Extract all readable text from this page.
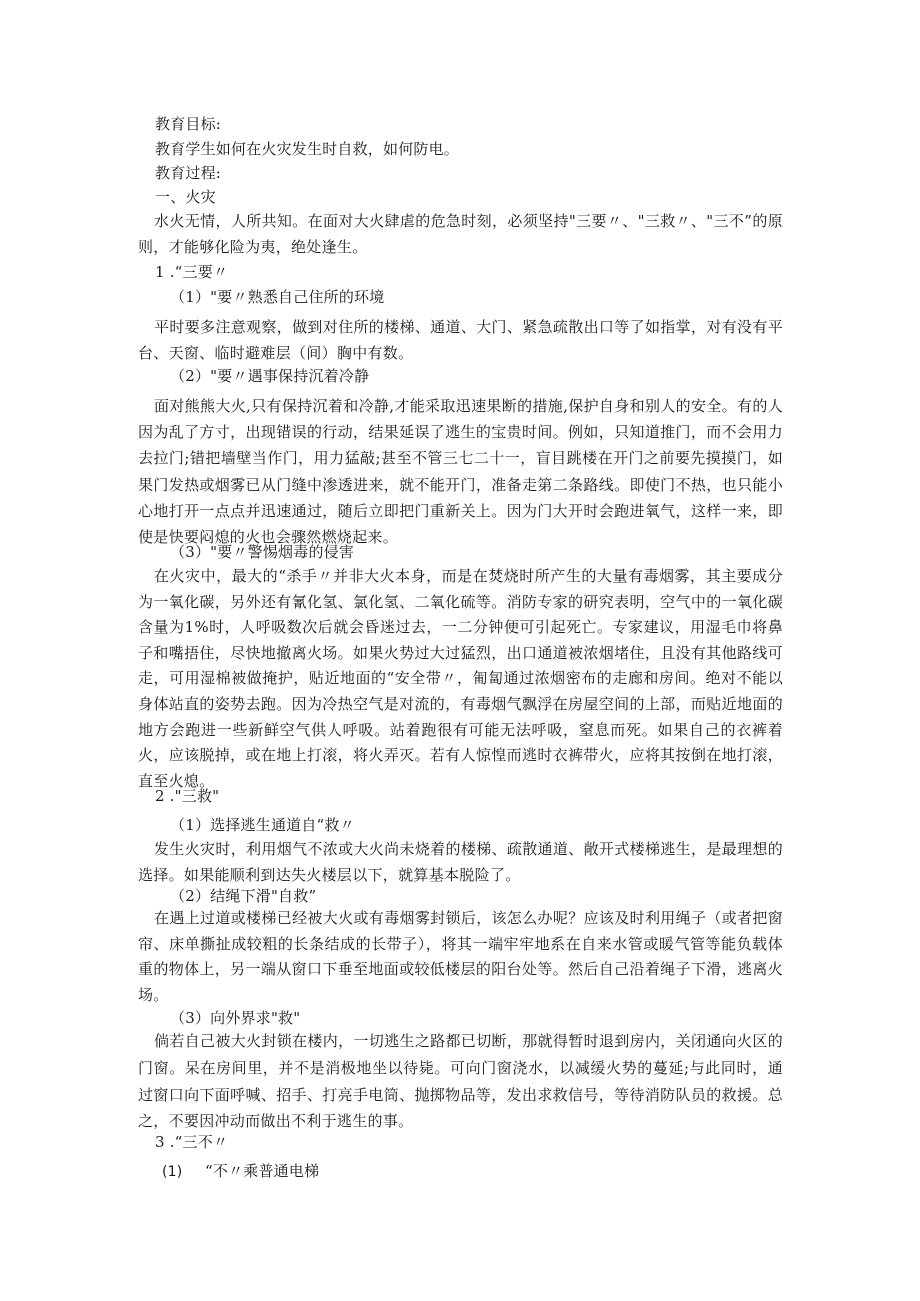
教育目标:
教育学生如何在火灾发生时自救，如何防电。
教育过程:
一、火灾
水火无情，人所共知。在面对大火肆虐的危急时刻，必须坚持"三要〃、"三救〃、"三不”的原则，才能够化险为夷，绝处逢生。
1 .“三要〃
（1）"要〃熟悉自己住所的环境
平时要多注意观察，做到对住所的楼梯、通道、大门、紧急疏散出口等了如指掌，对有没有平台、天窗、临时避难层（间）胸中有数。
（2）"要〃遇事保持沉着冷静
面对熊熊大火,只有保持沉着和冷静,才能采取迅速果断的措施,保护自身和别人的安全。有的人因为乱了方寸，出现错误的行动，结果延误了逃生的宝贵时间。例如，只知道推门，而不会用力去拉门;错把墙壁当作门，用力猛敲;甚至不管三七二十一，盲目跳楼在开门之前要先摸摸门，如果门发热或烟雾已从门缝中渗透进来，就不能开门，准备走第二条路线。即使门不热，也只能小心地打开一点点并迅速通过，随后立即把门重新关上。因为门大开时会跑进氧气，这样一来，即使是快要闷熄的火也会骤然燃烧起来。
（3）"要〃警惕烟毒的侵害
在火灾中，最大的“杀手〃并非大火本身，而是在焚烧时所产生的大量有毒烟雾，其主要成分为一氧化碳，另外还有氰化氢、氯化氢、二氧化硫等。消防专家的研究表明，空气中的一氧化碳含量为1%时，人呼吸数次后就会昏迷过去，一二分钟便可引起死亡。专家建议，用湿毛巾将鼻子和嘴捂住，尽快地撤离火场。如果火势过大过猛烈，出口通道被浓烟堵住，且没有其他路线可走，可用湿棉被做掩护，贴近地面的“安全带〃，匍匐通过浓烟密布的走廊和房间。绝对不能以身体站直的姿势去跑。因为冷热空气是对流的，有毒烟气飘浮在房屋空间的上部，而贴近地面的地方会跑进一些新鲜空气供人呼吸。站着跑很有可能无法呼吸，窒息而死。如果自己的衣裤着火，应该脱掉，或在地上打滚，将火弄灭。若有人惊惶而逃时衣裤带火，应将其按倒在地打滚，直至火熄。
2 ."三救"
（1）选择逃生通道自“救〃
发生火灾时，利用烟气不浓或大火尚未烧着的楼梯、疏散通道、敞开式楼梯逃生，是最理想的选择。如果能顺利到达失火楼层以下，就算基本脱险了。
（2）结绳下滑"自救”
在遇上过道或楼梯已经被大火或有毒烟雾封锁后，该怎么办呢？应该及时利用绳子（或者把窗帘、床单撕扯成较粗的长条结成的长带子），将其一端牢牢地系在自来水管或暖气管等能负载体重的物体上，另一端从窗口下垂至地面或较低楼层的阳台处等。然后自己沿着绳子下滑，逃离火场。
（3）向外界求"救"
倘若自己被大火封锁在楼内，一切逃生之路都已切断，那就得暂时退到房内，关闭通向火区的门窗。呆在房间里，并不是消极地坐以待毙。可向门窗浇水，以减缓火势的蔓延;与此同时，通过窗口向下面呼喊、招手、打亮手电筒、抛掷物品等，发出求救信号，等待消防队员的救援。总之，不要因冲动而做出不利于逃生的事。
3 .“三不〃
(1) “不〃乘普通电梯
